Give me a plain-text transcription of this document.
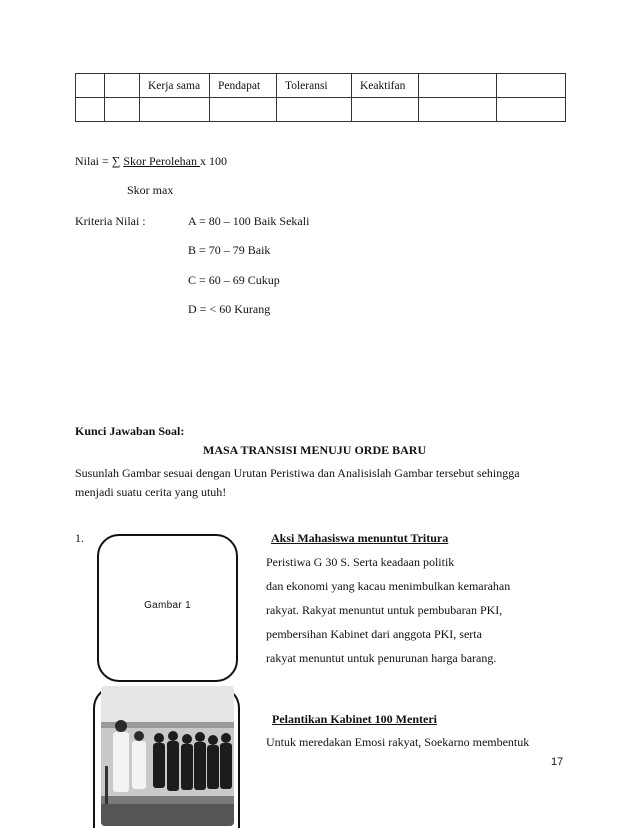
		Kerja sama	Pendapat	Toleransi	Keaktifan		

Nilai = ∑ Skor Perolehan x 100
Skor max
Kriteria Nilai :	A = 80 – 100 Baik Sekali
B = 70 – 79 Baik
C = 60 – 69 Cukup
D = < 60 Kurang
Kunci Jawaban Soal:
MASA TRANSISI MENUJU ORDE BARU
Susunlah Gambar sesuai dengan Urutan Peristiwa dan Analisislah Gambar tersebut sehingga
menjadi suatu cerita yang utuh!
1.
Gambar 1
Aksi Mahasiswa menuntut Tritura
Peristiwa G 30 S. Serta keadaan politik
dan ekonomi yang kacau menimbulkan kemarahan
rakyat. Rakyat menuntut untuk pembubaran PKI,
pembersihan Kabinet dari anggota PKI, serta
rakyat menuntut untuk penurunan harga barang.
Pelantikan Kabinet 100 Menteri
Untuk meredakan Emosi rakyat, Soekarno membentuk
17
